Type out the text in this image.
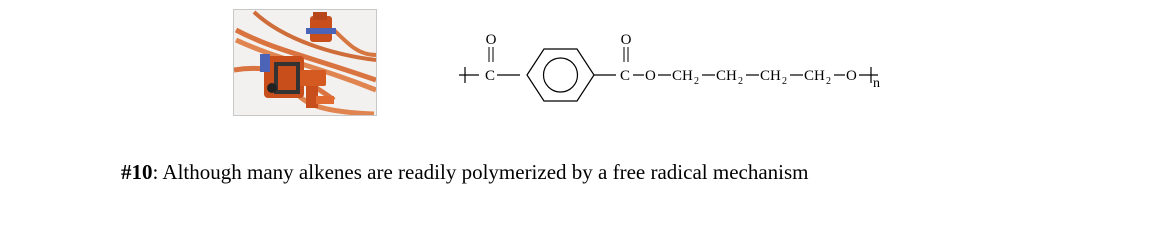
O
C
O
C O CH 2 CH 2 CH 2 CH 2 O n
#10: Although many alkenes are readily polymerized by a free radical mechanism
